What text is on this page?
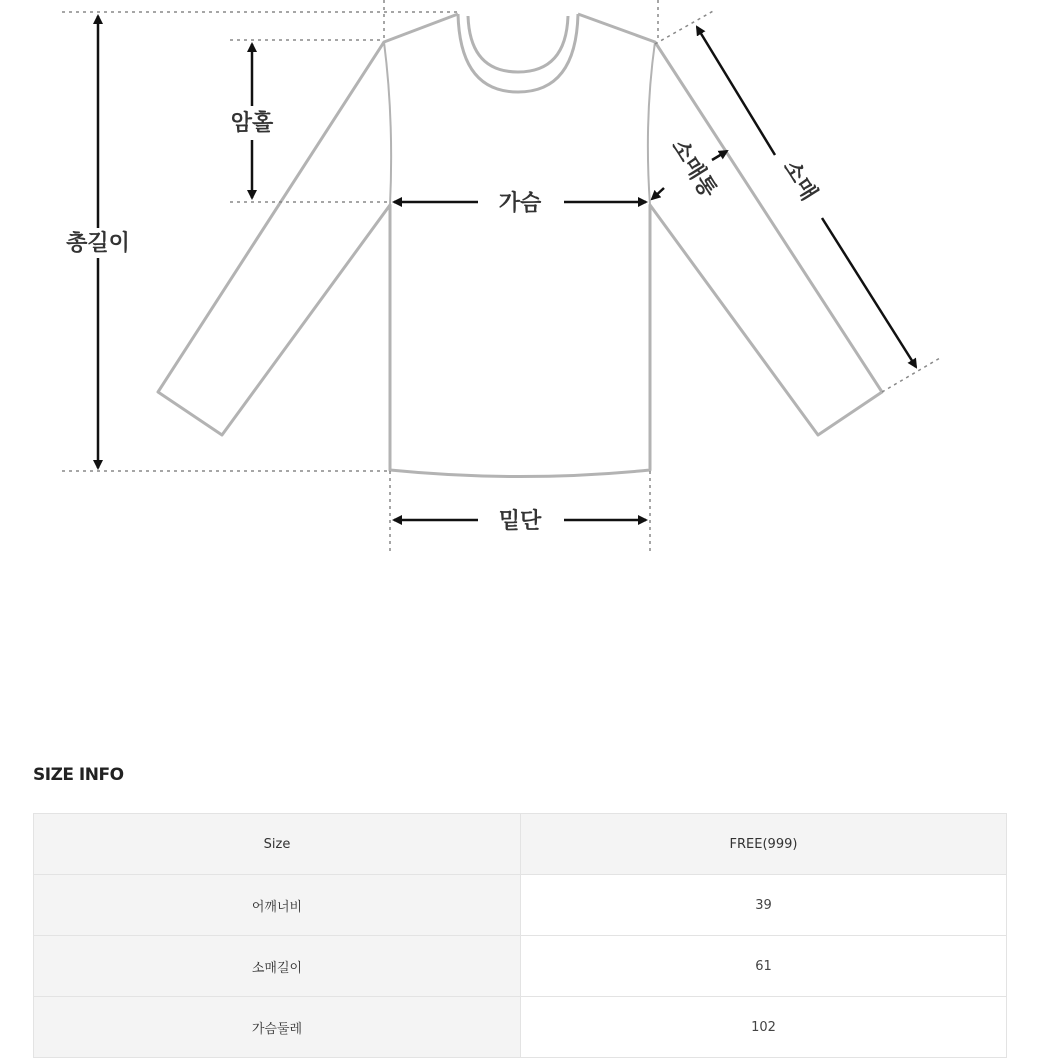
총길이
암홀
가슴
밑단
소매
소매통
SIZE INFO
Size	FREE(999)
어깨너비	39
소매길이	61
가슴둘레	102
